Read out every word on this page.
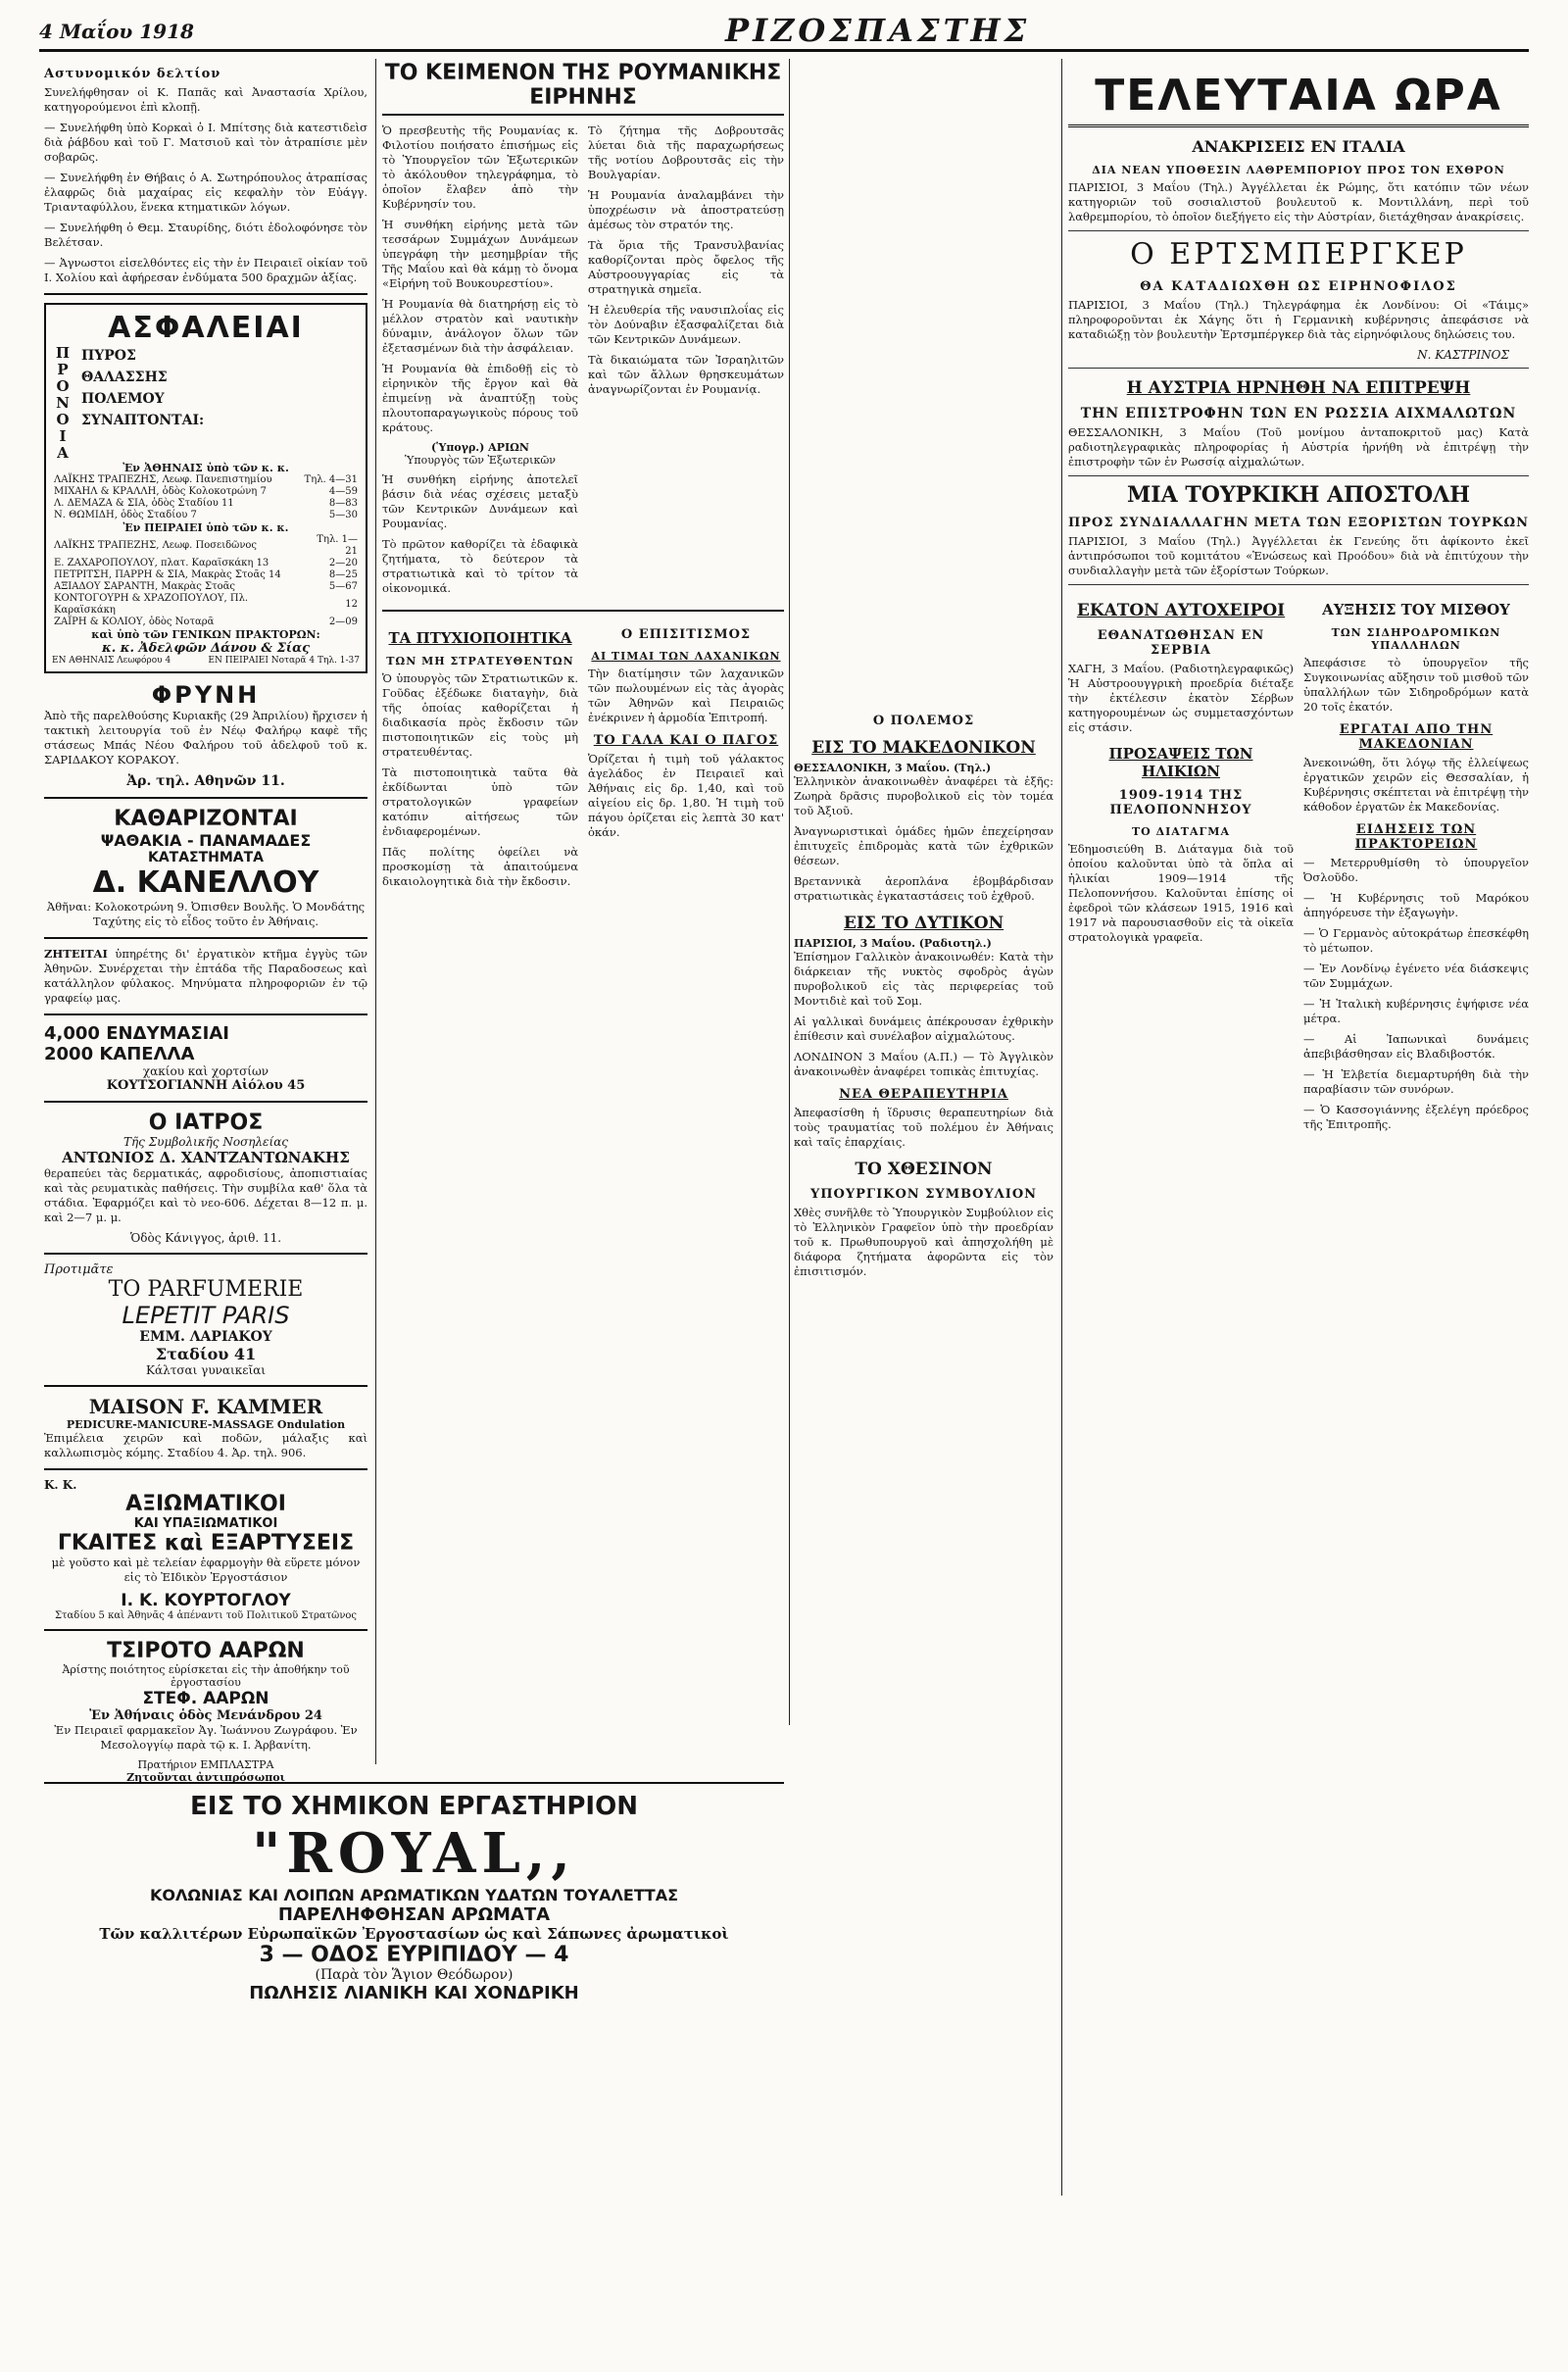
4 Μαΐου 1918	ΡΙΖΟΣΠΑΣΤΗΣ
Αστυνομικόν δελτίον

Συνελήφθησαν οἱ Κ. Παπᾶς καὶ Ἀναστασία Χρίλου, κατηγορούμενοι ἐπὶ κλοπῇ.

— Συνελήφθη ὑπὸ Κορκαὶ ὁ Ι. Μπίτσης διὰ κατεστιδεὶσ διὰ ῥάβδου καὶ τοῦ Γ. Ματσιοῦ καὶ τὸν ἀτραπίσιε μὲν σοβαρῶς.

— Συνελήφθη ἐν Θήβαις ὁ Α. Σωτηρόπουλος ἀτραπίσας ἐλαφρῶς διὰ μαχαίρας εἰς κεφαλὴν τὸν Εὐάγγ. Τριανταφύλλου, ἕνεκα κτηματικῶν λόγων.

— Συνελήφθη ὁ Θεμ. Σταυρίδης, διότι ἐδολοφόνησε τὸν Βελέτσαν.

— Ἀγνωστοι εἰσελθόντες εἰς τὴν ἐν Πειραιεῖ οἰκίαν τοῦ Ι. Χολίου καὶ ἀφήρεσαν ἐνδύματα 500 δραχμῶν ἀξίας.

ΑΣΦΑΛΕΙΑΙ
Π
Ρ
Ο
Ν
Ο
Ι
Α
ΠΥΡΟΣ
ΘΑΛΑΣΣΗΣ
ΠΟΛΕΜΟΥ
ΣΥΝΑΠΤΟΝΤΑΙ:
Ἐν ἈΘΗΝΑΙΣ ὑπὸ τῶν κ. κ.
ΛΑΪΚΗΣ ΤΡΑΠΕΖΗΣ, Λεωφ. Πανεπιστημίου	Τηλ. 4—31
ΜΙΧΑΗΛ & ΚΡΑΛΛΗ, ὁδὸς Κολοκοτρώνη 7	4—59
Λ. ΔΕΜΑΖΑ & ΣΙΑ, ὁδὸς Σταδίου 11	8—83
Ν. ΘΩΜΙΔΗ, ὁδὸς Σταδίου 7	5—30
Ἐν ΠΕΙΡΑΙΕΙ ὑπὸ τῶν κ. κ.
ΛΑΪΚΗΣ ΤΡΑΠΕΖΗΣ, Λεωφ. Ποσειδῶνος	Τηλ. 1—21
Ε. ΖΑΧΑΡΟΠΟΥΛΟΥ, πλατ. Καραϊσκάκη 13	2—20
ΠΕΤΡΙΤΣΗ, ΠΑΡΡΗ & ΣΙΑ, Μακρὰς Στοᾶς 14	8—25
ΑΞΙΑΔΟΥ ΣΑΡΑΝΤΗ, Μακρὰς Στοᾶς	5—67
ΚΟΝΤΟΓΟΥΡΗ & ΧΡΑΖΟΠΟΥΛΟΥ, Πλ. Καραϊσκάκη	12
ΖΑΪΡΗ & ΚΟΛΙΟΥ, ὁδὸς Νοταρᾶ	2—09
καὶ ὑπὸ τῶν ΓΕΝΙΚΩΝ ΠΡΑΚΤΟΡΩΝ:
κ. κ. Ἀδελφῶν Δάνου & Σίας
ΕΝ ΑΘΗΝΑΙΣ Λεωφόρου 4	ΕΝ ΠΕΙΡΑΙΕΙ Νοταρᾶ 4 Τηλ. 1-37
ΦΡΥΝΗ

Ἀπὸ τῆς παρελθούσης Κυριακῆς (29 Ἀπριλίου) ἤρχισεν ἡ τακτικὴ λειτουργία τοῦ ἐν Νέῳ Φαλήρῳ καφὲ τῆς στάσεως Μπάς Νέου Φαλήρου τοῦ ἀδελφοῦ τοῦ κ. ΣΑΡΙΔΑΚΟΥ ΚΟΡΑΚΟΥ.

Ἀρ. τηλ. Αθηνῶν 11.
ΚΑΘΑΡΙΖΟΝΤΑΙ
ΨΑΘΑΚΙΑ - ΠΑΝΑΜΑΔΕΣ
ΚΑΤΑΣΤΗΜΑΤΑ
Δ. ΚΑΝΕΛΛΟΥ

Ἀθῆναι: Κολοκοτρώνη 9. Ὀπισθεν Βουλῆς. Ὁ Μονδάτης Ταχύτης εἰς τὸ εἶδος τοῦτο ἐν Ἀθήναις.

ΖΗΤΕΙΤΑΙ ὑπηρέτης δι' ἐργατικὸν κτῆμα ἐγγὺς τῶν Ἀθηνῶν. Συνέρχεται τὴν ἐπτάδα τῆς Παραδοσεως καὶ κατάλληλον φύλακος. Μηνύματα πληροφοριῶν ἐν τῷ γραφείῳ μας.

4,000 ΕΝΔΥΜΑΣΙΑΙ
2000 ΚΑΠΕΛΛΑ
χακίου καὶ χορτσίων
ΚΟΥΤΣΟΓΙΑΝΝΗ Αἰόλου 45
Ο ΙΑΤΡΟΣ
Τῆς Συμβολικῆς Νοσηλείας
ΑΝΤΩΝΙΟΣ Δ. ΧΑΝΤΖΑΝΤΩΝΑΚΗΣ

θεραπεύει τὰς δερματικάς, αφροδισίους, ἀποπιστιαίας καὶ τὰς ρευματικὰς παθήσεις. Τὴν συμβίλα καθ' ὅλα τὰ στάδια. Ἐφαρμόζει καὶ τὸ νεο-606. Δέχεται 8—12 π. μ. καὶ 2—7 μ. μ.

Ὁδὸς Κάνιγγος, ἀριθ. 11.
Προτιμᾶτε
TO PARFUMERIE
LEPETIT PARIS
ΕΜΜ. ΛΑΡΙΑΚΟΥ
Σταδίου 41
Κάλτσαι γυναικεῖαι
MAISON F. KAMMER
PEDICURE-MANICURE-MASSAGE Ondulation

Ἐπιμέλεια χειρῶν καὶ ποδῶν, μάλαξις καὶ καλλωπισμὸς κόμης. Σταδίου 4. Ἀρ. τηλ. 906.

Κ. Κ.
ΑΞΙΩΜΑΤΙΚΟΙ
ΚΑΙ ΥΠΑΞΙΩΜΑΤΙΚΟΙ
ΓΚΑΙΤΕΣ καὶ ΕΞΑΡΤΥΣΕΙΣ

μὲ γοῦστο καὶ μὲ τελείαν ἐφαρμογὴν θὰ εὕρετε μόνον εἰς τὸ ἘΙδικὸν Ἐργοστάσιον

Ι. Κ. ΚΟΥΡΤΟΓΛΟΥ
Σταδίου 5 καὶ Ἀθηνᾶς 4 ἀπέναντι τοῦ Πολιτικοῦ Στρατῶνος
ΤΣΙΡΟΤΟ ΑΑΡΩΝ
Ἀρίστης ποιότητος εὑρίσκεται εἰς τὴν ἀποθήκην τοῦ ἐργοστασίου
ΣΤΕΦ. ΑΑΡΩΝ
Ἐν Ἀθήναις ὁδὸς Μενάνδρου 24

Ἐν Πειραιεῖ φαρμακεῖον Ἀγ. Ἰωάννου Ζωγράφου. Ἐν Μεσολογγίῳ παρὰ τῷ κ. Ι. Ἀρβανίτη.

Πρατήριον ΕΜΠΛΑΣΤΡΑ
Ζητοῦνται ἀντιπρόσωποι
ΤΟ ΚΕΙΜΕΝΟΝ ΤΗΣ ΡΟΥΜΑΝΙΚΗΣ ΕΙΡΗΝΗΣ

Ὁ πρεσβευτὴς τῆς Ρουμανίας κ. Φιλοτίου ποιήσατο ἐπισήμως εἰς τὸ Ὑπουργεῖον τῶν Ἐξωτερικῶν τὸ ἀκόλουθον τηλεγράφημα, τὸ ὁποῖον ἔλαβεν ἀπὸ τὴν Κυβέρνησίν του.

Ἡ συνθήκη εἰρήνης μετὰ τῶν τεσσάρων Συμμάχων Δυνάμεων ὑπεγράφη τὴν μεσημβρίαν τῆς Τῆς Μαΐου καὶ θὰ κάμῃ τὸ ὄνομα «Εἰρήνη τοῦ Βουκουρεστίου».

Ἡ Ρουμανία θὰ διατηρήσῃ εἰς τὸ μέλλον στρατὸν καὶ ναυτικὴν δύναμιν, ἀνάλογον ὅλων τῶν ἐξετασμένων διὰ τὴν ἀσφάλειαν.

Ἡ Ρουμανία θὰ ἐπιδοθῇ εἰς τὸ εἰρηνικὸν τῆς ἔργον καὶ θὰ ἐπιμείνῃ νὰ ἀναπτύξῃ τοὺς πλουτοπαραγωγικοὺς πόρους τοῦ κράτους.

(Ὑπογρ.) ΑΡΙΩΝ
Ὑπουργὸς τῶν Ἐξωτερικῶν

Ἡ συνθήκη εἰρήνης ἀποτελεῖ βάσιν διὰ νέας σχέσεις μεταξὺ τῶν Κεντρικῶν Δυνάμεων καὶ Ρουμανίας.

Τὸ πρῶτον καθορίζει τὰ ἐδαφικὰ ζητήματα, τὸ δεύτερον τὰ στρατιωτικὰ καὶ τὸ τρίτον τὰ οἰκονομικά.

Τὸ ζήτημα τῆς Δοβρουτσᾶς λύεται διὰ τῆς παραχωρήσεως τῆς νοτίου Δοβρουτσᾶς εἰς τὴν Βουλγαρίαν.

Ἡ Ρουμανία ἀναλαμβάνει τὴν ὑποχρέωσιν νὰ ἀποστρατεύσῃ ἀμέσως τὸν στρατόν της.

Τὰ ὅρια τῆς Τρανσυλβανίας καθορίζονται πρὸς ὄφελος τῆς Αὐστροουγγαρίας εἰς τὰ στρατηγικὰ σημεῖα.

Ἡ ἐλευθερία τῆς ναυσιπλοΐας εἰς τὸν Δούναβιν ἐξασφαλίζεται διὰ τῶν Κεντρικῶν Δυνάμεων.

Τὰ δικαιώματα τῶν Ἰσραηλιτῶν καὶ τῶν ἄλλων θρησκευμάτων ἀναγνωρίζονται ἐν Ρουμανίᾳ.

ΤΑ ΠΤΥΧΙΟΠΟΙΗΤΙΚΑ
ΤΩΝ ΜΗ ΣΤΡΑΤΕΥΘΕΝΤΩΝ

Ὁ ὑπουργὸς τῶν Στρατιωτικῶν κ. Γοῦδας ἐξέδωκε διαταγὴν, διὰ τῆς ὁποίας καθορίζεται ἡ διαδικασία πρὸς ἔκδοσιν τῶν πιστοποιητικῶν εἰς τοὺς μὴ στρατευθέντας.

Τὰ πιστοποιητικὰ ταῦτα θὰ ἐκδίδωνται ὑπὸ τῶν στρατολογικῶν γραφείων κατόπιν αἰτήσεως τῶν ἐνδιαφερομένων.

Πᾶς πολίτης ὀφείλει νὰ προσκομίσῃ τὰ ἀπαιτούμενα δικαιολογητικὰ διὰ τὴν ἔκδοσιν.

Ο ΕΠΙΣΙΤΙΣΜΟΣ
ΑΙ ΤΙΜΑΙ ΤΩΝ ΛΑΧΑΝΙΚΩΝ

Τὴν διατίμησιν τῶν λαχανικῶν τῶν πωλουμένων εἰς τὰς ἀγορὰς τῶν Ἀθηνῶν καὶ Πειραιῶς ἐνέκρινεν ἡ ἀρμοδία Ἐπιτροπή.

ΤΟ ΓΑΛΑ ΚΑΙ Ο ΠΑΓΟΣ

Ὁρίζεται ἡ τιμὴ τοῦ γάλακτος ἀγελάδος ἐν Πειραιεῖ καὶ Ἀθήναις εἰς δρ. 1,40, καὶ τοῦ αἰγείου εἰς δρ. 1,80. Ἡ τιμὴ τοῦ πάγου ὁρίζεται εἰς λεπτὰ 30 κατ' ὀκάν.

Ο ΠΟΛΕΜΟΣ
ΕΙΣ ΤΟ ΜΑΚΕΔΟΝΙΚΟΝ
ΘΕΣΣΑΛΟΝΙΚΗ, 3 Μαΐου. (Τηλ.)

Ἑλληνικὸν ἀνακοινωθὲν ἀναφέρει τὰ ἑξῆς: Ζωηρὰ δρᾶσις πυροβολικοῦ εἰς τὸν τομέα τοῦ Ἀξιοῦ.

Ἀναγνωριστικαὶ ὁμάδες ἡμῶν ἐπεχείρησαν ἐπιτυχεῖς ἐπιδρομὰς κατὰ τῶν ἐχθρικῶν θέσεων.

Βρεταννικὰ ἀεροπλάνα ἐβομβάρδισαν στρατιωτικὰς ἐγκαταστάσεις τοῦ ἐχθροῦ.

ΕΙΣ ΤΟ ΔΥΤΙΚΟΝ
ΠΑΡΙΣΙΟΙ, 3 Μαΐου. (Ραδιοτηλ.)

Ἐπίσημον Γαλλικὸν ἀνακοινωθέν: Κατὰ τὴν διάρκειαν τῆς νυκτὸς σφοδρὸς ἀγὼν πυροβολικοῦ εἰς τὰς περιφερείας τοῦ Μοντιδιὲ καὶ τοῦ Σομ.

Αἱ γαλλικαὶ δυνάμεις ἀπέκρουσαν ἐχθρικὴν ἐπίθεσιν καὶ συνέλαβον αἰχμαλώτους.

ΛΟΝΔΙΝΟΝ 3 Μαΐου (Α.Π.) — Τὸ Ἀγγλικὸν ἀνακοινωθὲν ἀναφέρει τοπικὰς ἐπιτυχίας.

ΝΕΑ ΘΕΡΑΠΕΥΤΗΡΙΑ

Ἀπεφασίσθη ἡ ἵδρυσις θεραπευτηρίων διὰ τοὺς τραυματίας τοῦ πολέμου ἐν Ἀθήναις καὶ ταῖς ἐπαρχίαις.

ΤΟ ΧΘΕΣΙΝΟΝ
ΥΠΟΥΡΓΙΚΟΝ ΣΥΜΒΟΥΛΙΟΝ

Χθὲς συνῆλθε τὸ Ὑπουργικὸν Συμβούλιον εἰς τὸ Ἑλληνικὸν Γραφεῖον ὑπὸ τὴν προεδρίαν τοῦ κ. Πρωθυπουργοῦ καὶ ἀπησχολήθη μὲ διάφορα ζητήματα ἀφορῶντα εἰς τὸν ἐπισιτισμόν.

ΤΕΛΕΥΤΑΙΑ ΩΡΑ
ΑΝΑΚΡΙΣΕΙΣ ΕΝ ΙΤΑΛΙΑ
ΔΙΑ ΝΕΑΝ ΥΠΟΘΕΣΙΝ ΛΑΘΡΕΜΠΟΡΙΟΥ ΠΡΟΣ ΤΟΝ ΕΧΘΡΟΝ

ΠΑΡΙΣΙΟΙ, 3 Μαΐου (Τηλ.) Ἀγγέλλεται ἐκ Ρώμης, ὅτι κατόπιν τῶν νέων κατηγοριῶν τοῦ σοσιαλιστοῦ βουλευτοῦ κ. Μοντιλλάνη, περὶ τοῦ λαθρεμπορίου, τὸ ὁποῖον διεξήγετο εἰς τὴν Αὐστρίαν, διετάχθησαν ἀνακρίσεις.

Ο ΕΡΤΣΜΠΕΡΓΚΕΡ
ΘΑ ΚΑΤΑΔΙΩΧΘΗ ΩΣ ΕΙΡΗΝΟΦΙΛΟΣ

ΠΑΡΙΣΙΟΙ, 3 Μαΐου (Τηλ.) Τηλεγράφημα ἐκ Λονδίνου: Οἱ «Τάιμς» πληροφοροῦνται ἐκ Χάγης ὅτι ἡ Γερμανικὴ κυβέρνησις ἀπεφάσισε νὰ καταδιώξῃ τὸν βουλευτὴν Ἐρτσμπέργκερ διὰ τὰς εἰρηνόφιλους δηλώσεις του.

Ν. ΚΑΣΤΡΙΝΟΣ
Η ΑΥΣΤΡΙΑ ΗΡΝΗΘΗ ΝΑ ΕΠΙΤΡΕΨΗ
ΤΗΝ ΕΠΙΣΤΡΟΦΗΝ ΤΩΝ ΕΝ ΡΩΣΣΙΑ ΑΙΧΜΑΛΩΤΩΝ

ΘΕΣΣΑΛΟΝΙΚΗ, 3 Μαΐου (Τοῦ μονίμου ἀνταποκριτοῦ μας) Κατὰ ραδιοτηλεγραφικὰς πληροφορίας ἡ Αὐστρία ἠρνήθη νὰ ἐπιτρέψῃ τὴν ἐπιστροφὴν τῶν ἐν Ρωσσίᾳ αἰχμαλώτων.

ΜΙΑ ΤΟΥΡΚΙΚΗ ΑΠΟΣΤΟΛΗ
ΠΡΟΣ ΣΥΝΔΙΑΛΛΑΓΗΝ ΜΕΤΑ ΤΩΝ ΕΞΟΡΙΣΤΩΝ ΤΟΥΡΚΩΝ

ΠΑΡΙΣΙΟΙ, 3 Μαΐου (Τηλ.) Ἀγγέλλεται ἐκ Γενεύης ὅτι ἀφίκοντο ἐκεῖ ἀντιπρόσωποι τοῦ κομιτάτου «Ἑνώσεως καὶ Προόδου» διὰ νὰ ἐπιτύχουν τὴν συνδιαλλαγὴν μετὰ τῶν ἐξορίστων Τούρκων.

ΕΚΑΤΟΝ ΑΥΤΟΧΕΙΡΟΙ
ΕΘΑΝΑΤΩΘΗΣΑΝ ΕΝ ΣΕΡΒΙΑ

ΧΑΓΗ, 3 Μαΐου. (Ραδιοτηλεγραφικῶς) Ἡ Αὐστροουγγρικὴ προεδρία διέταξε τὴν ἐκτέλεσιν ἑκατὸν Σέρβων κατηγορουμένων ὡς συμμετασχόντων εἰς στάσιν.

ΠΡΟΣΑΨΕΙΣ ΤΩΝ ΗΛΙΚΙΩΝ
1909-1914 ΤΗΣ ΠΕΛΟΠΟΝΝΗΣΟΥ
ΤΟ ΔΙΑΤΑΓΜΑ

Ἐδημοσιεύθη Β. Διάταγμα διὰ τοῦ ὁποίου καλοῦνται ὑπὸ τὰ ὅπλα αἱ ἡλικίαι 1909—1914 τῆς Πελοποννήσου. Καλοῦνται ἐπίσης οἱ ἐφεδροὶ τῶν κλάσεων 1915, 1916 καὶ 1917 νὰ παρουσιασθοῦν εἰς τὰ οἰκεῖα στρατολογικὰ γραφεῖα.

ΑΥΞΗΣΙΣ ΤΟΥ ΜΙΣΘΟΥ
ΤΩΝ ΣΙΔΗΡΟΔΡΟΜΙΚΩΝ ΥΠΑΛΛΗΛΩΝ

Ἀπεφάσισε τὸ ὑπουργεῖον τῆς Συγκοινωνίας αὔξησιν τοῦ μισθοῦ τῶν ὑπαλλήλων τῶν Σιδηροδρόμων κατὰ 20 τοῖς ἑκατόν.

ΕΡΓΑΤΑΙ ΑΠΟ ΤΗΝ ΜΑΚΕΔΟΝΙΑΝ

Ἀνεκοινώθη, ὅτι λόγῳ τῆς ἐλλείψεως ἐργατικῶν χειρῶν εἰς Θεσσαλίαν, ἡ Κυβέρνησις σκέπτεται νὰ ἐπιτρέψῃ τὴν κάθοδον ἐργατῶν ἐκ Μακεδονίας.

ΕΙΔΗΣΕΙΣ ΤΩΝ ΠΡΑΚΤΟΡΕΙΩΝ

— Μετερρυθμίσθη τὸ ὑπουργεῖον Ὀσλοῦδο.

— Ἡ Κυβέρνησις τοῦ Μαρόκου ἀπηγόρευσε τὴν ἐξαγωγὴν.

— Ὁ Γερμανὸς αὐτοκράτωρ ἐπεσκέφθη τὸ μέτωπον.

— Ἐν Λονδίνῳ ἐγένετο νέα διάσκεψις τῶν Συμμάχων.

— Ἡ Ἰταλικὴ κυβέρνησις ἐψήφισε νέα μέτρα.

— Αἱ Ἰαπωνικαὶ δυνάμεις ἀπεβιβάσθησαν εἰς Βλαδιβοστόκ.

— Ἡ Ἑλβετία διεμαρτυρήθη διὰ τὴν παραβίασιν τῶν συνόρων.

— Ὁ Κασσογιάννης ἐξελέγη πρόεδρος τῆς Ἐπιτροπῆς.

ΕΙΣ ΤΟ ΧΗΜΙΚΟΝ ΕΡΓΑΣΤΗΡΙΟΝ
"ROYAL,,
ΚΟΛΩΝΙΑΣ ΚΑΙ ΛΟΙΠΩΝ ΑΡΩΜΑΤΙΚΩΝ ΥΔΑΤΩΝ ΤΟΥΑΛΕΤΤΑΣ
ΠΑΡΕΛΗΦΘΗΣΑΝ ΑΡΩΜΑΤΑ
Τῶν καλλιτέρων Εὐρωπαϊκῶν Ἐργοστασίων ὡς καὶ Σάπωνες ἀρωματικοὶ
3 — ΟΔΟΣ ΕΥΡΙΠΙΔΟΥ — 4
(Παρὰ τὸν Ἅγιον Θεόδωρον)
ΠΩΛΗΣΙΣ ΛΙΑΝΙΚΗ ΚΑΙ ΧΟΝΔΡΙΚΗ
